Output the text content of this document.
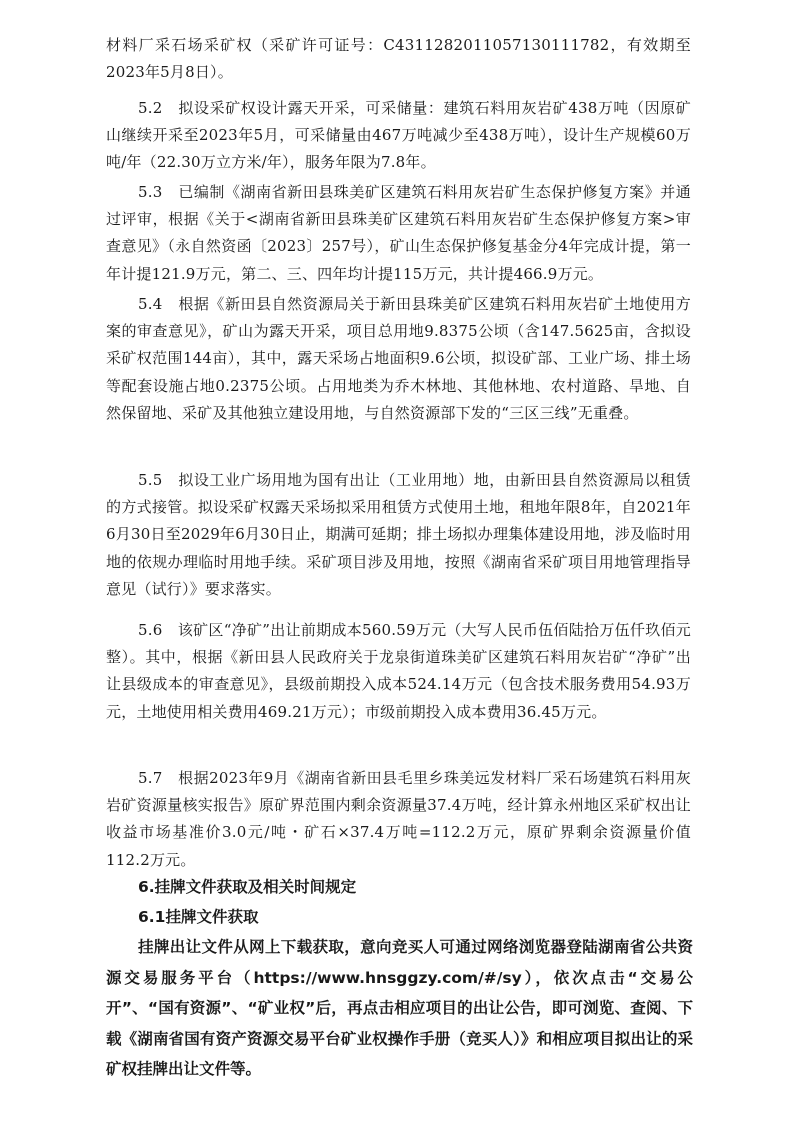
材料厂采石场采矿权（采矿许可证号：C4311282011057130111782，有效期至2023年5月8日）。

5.2　拟设采矿权设计露天开采，可采储量：建筑石料用灰岩矿438万吨（因原矿山继续开采至2023年5月，可采储量由467万吨减少至438万吨），设计生产规模60万吨/年（22.30万立方米/年），服务年限为7.8年。

5.3　已编制《湖南省新田县珠美矿区建筑石料用灰岩矿生态保护修复方案》并通过评审，根据《关于<湖南省新田县珠美矿区建筑石料用灰岩矿生态保护修复方案>审查意见》（永自然资函〔2023〕257号），矿山生态保护修复基金分4年完成计提，第一年计提121.9万元，第二、三、四年均计提115万元，共计提466.9万元。

5.4　根据《新田县自然资源局关于新田县珠美矿区建筑石料用灰岩矿土地使用方案的审查意见》，矿山为露天开采，项目总用地9.8375公顷（含147.5625亩，含拟设采矿权范围144亩），其中，露天采场占地面积9.6公顷，拟设矿部、工业广场、排土场等配套设施占地0.2375公顷。占用地类为乔木林地、其他林地、农村道路、旱地、自然保留地、采矿及其他独立建设用地，与自然资源部下发的“三区三线”无重叠。

5.5　拟设工业广场用地为国有出让（工业用地）地，由新田县自然资源局以租赁的方式接管。拟设采矿权露天采场拟采用租赁方式使用土地，租地年限8年，自2021年6月30日至2029年6月30日止，期满可延期；排土场拟办理集体建设用地，涉及临时用地的依规办理临时用地手续。采矿项目涉及用地，按照《湖南省采矿项目用地管理指导意见（试行）》要求落实。

5.6　该矿区“净矿”出让前期成本560.59万元（大写人民币伍佰陆拾万伍仟玖佰元整）。其中，根据《新田县人民政府关于龙泉街道珠美矿区建筑石料用灰岩矿“净矿”出让县级成本的审查意见》，县级前期投入成本524.14万元（包含技术服务费用54.93万元，土地使用相关费用469.21万元）；市级前期投入成本费用36.45万元。

5.7　根据2023年9月《湖南省新田县毛里乡珠美远发材料厂采石场建筑石料用灰岩矿资源量核实报告》原矿界范围内剩余资源量37.4万吨，经计算永州地区采矿权出让收益市场基准价3.0元/吨・矿石×37.4万吨=112.2万元，原矿界剩余资源量价值112.2万元。

6.挂牌文件获取及相关时间规定
6.1挂牌文件获取

挂牌出让文件从网上下载获取，意向竞买人可通过网络浏览器登陆湖南省公共资源交易服务平台（https://www.hnsggzy.com/#/sy），依次点击“交易公开”、“国有资源”、“矿业权”后，再点击相应项目的出让公告，即可浏览、查阅、下载《湖南省国有资产资源交易平台矿业权操作手册（竞买人）》和相应项目拟出让的采矿权挂牌出让文件等。
